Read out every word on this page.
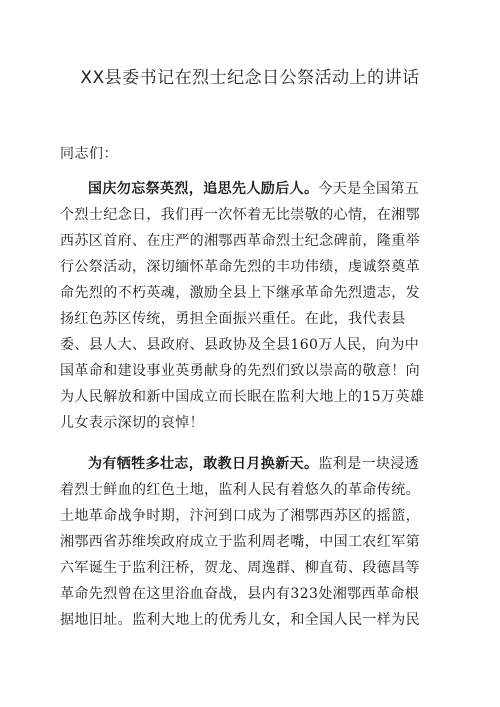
XX县委书记在烈士纪念日公祭活动上的讲话
同志们：
国庆勿忘祭英烈，追思先人励后人。今天是全国第五
个烈士纪念日，我们再一次怀着无比崇敬的心情，在湘鄂
西苏区首府、在庄严的湘鄂西革命烈士纪念碑前，隆重举
行公祭活动，深切缅怀革命先烈的丰功伟绩，虔诚祭奠革
命先烈的不朽英魂，激励全县上下继承革命先烈遗志，发
扬红色苏区传统，勇担全面振兴重任。在此，我代表县
委、县人大、县政府、县政协及全县160万人民，向为中
国革命和建设事业英勇献身的先烈们致以崇高的敬意！向
为人民解放和新中国成立而长眠在监利大地上的15万英雄
儿女表示深切的哀悼！
为有牺牲多壮志，敢教日月换新天。监利是一块浸透
着烈士鲜血的红色土地，监利人民有着悠久的革命传统。
土地革命战争时期，汴河到口成为了湘鄂西苏区的摇篮，
湘鄂西省苏维埃政府成立于监利周老嘴，中国工农红军第
六军诞生于监利汪桥，贺龙、周逸群、柳直荀、段德昌等
革命先烈曾在这里浴血奋战，县内有323处湘鄂西革命根
据地旧址。监利大地上的优秀儿女，和全国人民一样为民
